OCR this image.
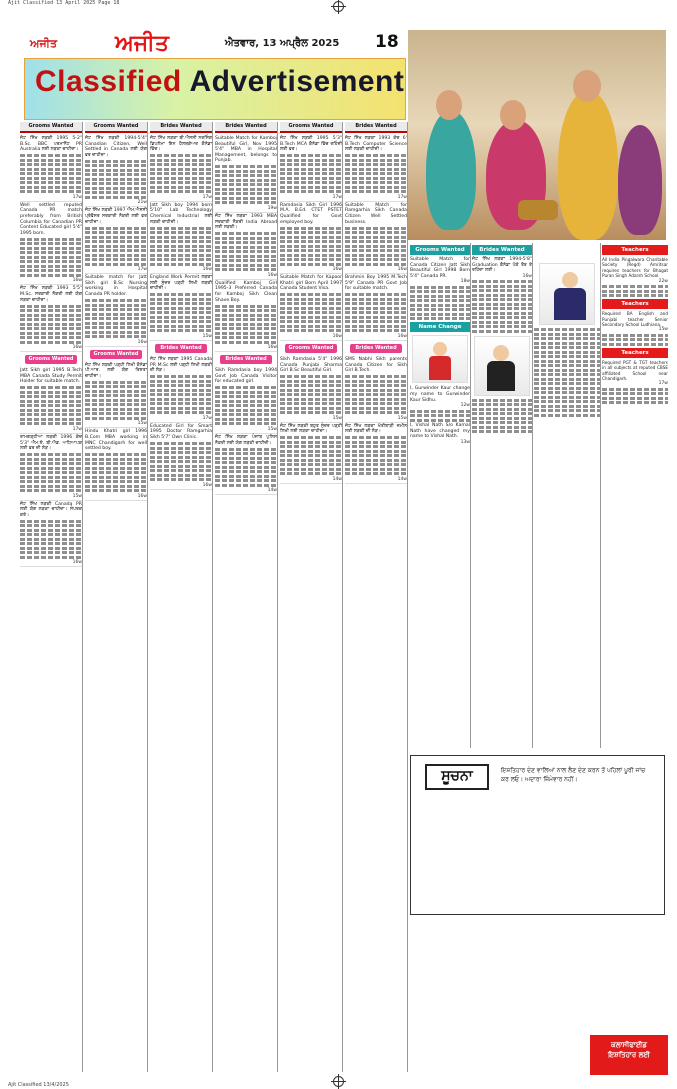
Ajit Classified 13 April 2025 Page 18
ਅਜੀਤ	ਅਜੀਤ	ਐਤਵਾਰ, 13 ਅਪ੍ਰੈਲ 2025 18
Classified Advertisement
Grooms Wanted
ਜੱਟ ਸਿੱਖ ਲੜਕੀ 1995 5-2" B.Sc. BBC ਪਰਮਾਨੈਂਟ PR Australia ਲਈ ਲੜਕਾ ਚਾਹੀਦਾ।
17w
Well settled reputed Canada PR match preferably from British Columbia for Canadian PR Content Educated girl 5'4" 1995 born.
16w
ਜੱਟ ਸਿੱਖ ਲੜਕੀ 1993 5'5" M.Sc. ਸਰਕਾਰੀ ਨੌਕਰੀ ਲਈ ਯੋਗ ਲੜਕਾ ਚਾਹੀਦਾ।
16w
Grooms Wanted
Jatt Sikh girl 1995 B.Tech MBA Canada Study Permit Holder for suitable match.
17w
ਰਾਮਗੜ੍ਹੀਆ ਲੜਕੀ 1996 ਕੱਦ 5'3" ਐਮ.ਏ. ਬੀ.ਐਡ. ਅਧਿਆਪਕ ਲਈ ਵਰ ਦੀ ਲੋੜ।
15w
ਜੱਟ ਸਿੱਖ ਲੜਕੀ Canada PR ਲਈ ਯੋਗ ਲੜਕਾ ਚਾਹੀਦਾ। ਸੰਪਰਕ ਕਰੋ।
16w
Grooms Wanted
ਜੱਟ ਸਿੱਖ ਲੜਕੀ 1994-5'4" Canadian Citizen, Well Settled in Canada ਲਈ ਯੋਗ ਵਰ ਚਾਹੀਦਾ।
21w
ਜੱਟ ਸਿੱਖ ਲੜਕੀ 1997 ਐਮ.ਐਸਸੀ ਪ੍ਰੋਫੈਸਰ ਸਰਕਾਰੀ ਨੌਕਰੀ ਲਈ ਵਰ ਚਾਹੀਦਾ।
17w
Suitable match for Jatt Sikh girl B.Sc Nursing working in Hospital Canada PR holder.
16w
Grooms Wanted
ਜੱਟ ਸਿੱਖ ਲੜਕੀ ਪੜ੍ਹੀ ਲਿਖੀ ਕੈਨੇਡਾ ਪੀ.ਆਰ. ਲਈ ਯੋਗ ਰਿਸ਼ਤਾ ਚਾਹੀਦਾ।
15w
Hindu Khatri girl 1996 B.Com MBA working in MNC Chandigarh for well settled boy.
16w
Brides Wanted
ਜੱਟ ਸਿੱਖ ਲੜਕਾ ਬੀ.ਐਸਸੀ ਨਰਸਿੰਗ ਡਿਪਲੋਮਾ ਇਨ ਹੈਲਥਕੇਅਰ ਕੈਨੇਡਾ ਵਿੱਚ।
17w
Jatt Sikh boy 1994 born 5'10" Lab Technology Chemical Industrial ਲਈ ਲੜਕੀ ਚਾਹੀਦੀ।
16w
England Work Permit ਲੜਕਾ ਲਈ ਸੁੰਦਰ ਪੜ੍ਹੀ ਲਿਖੀ ਲੜਕੀ ਚਾਹੀਦੀ।
15w
Brides Wanted
ਜੱਟ ਸਿੱਖ ਲੜਕਾ 1995 Canada PR M.Sc ਲਈ ਪੜ੍ਹੀ ਲਿਖੀ ਲੜਕੀ ਦੀ ਲੋੜ।
17w
Educated Girl for Smart 1995 Doctor Ramgarhia Sikh 5'7" Own Clinic.
16w
Brides Wanted
Suitable Match for Kamboj Beautiful Girl, Nov 1995 5'4" MBA in Hospital Management, belongs to Punjab.
19w
ਜੱਟ ਸਿੱਖ ਲੜਕਾ 1993 MBA ਸਰਕਾਰੀ ਨੌਕਰੀ India Abroad ਲਈ ਲੜਕੀ।
16w
Qualified Kamboj Girl 1995-3 Preferred Canada for Kamboj Sikh Clean Shave Boy.
16w
Brides Wanted
Sikh Ramdasia boy 1994 Govt Job Canada Visitor for educated girl.
15w
ਜੱਟ ਸਿੱਖ ਲੜਕਾ ਪੰਜਾਬ ਪੁਲਿਸ ਨੌਕਰੀ ਲਈ ਯੋਗ ਲੜਕੀ ਚਾਹੀਦੀ।
14w
Grooms Wanted
ਜੱਟ ਸਿੱਖ ਲੜਕੀ 1995 5'3" B.Tech MCA ਕੈਨੇਡਾ ਵਿੱਚ ਰਹਿੰਦੀ ਲਈ ਵਰ।
17w
Ramdasia Sikh Girl 1996 M.A. B.Ed. CTET PSTET Qualified for Govt employed boy.
16w
Suitable Match for Kapoor Khatri girl Born April 1997 Canada Student Visa.
16w
Grooms Wanted
Sikh Ramdasia 5'4" 1996 Canada Punjabi Sharma Girl B.Sc Beautiful Girl.
15w
ਜੱਟ ਸਿੱਖ ਲੜਕੀ ਬਹੁਤ ਸੁੰਦਰ ਪੜ੍ਹੀ ਲਿਖੀ ਲਈ ਲੜਕਾ ਚਾਹੀਦਾ।
14w
Brides Wanted
ਜੱਟ ਸਿੱਖ ਲੜਕਾ 1993 ਕੱਦ 6' B.Tech Computer Science ਲਈ ਲੜਕੀ ਚਾਹੀਦੀ।
17w
Suitable Match for Ramgarhia Sikh Canada Citizen Well Settled business.
16w
Brahmin Boy 1995 M.Tech 5'9" Canada PR Govt Job for suitable match.
16w
Brides Wanted
SMS Nabhi Sikh parents Canada Citizen for Sikh Girl B.Tech.
15w
ਜੱਟ ਸਿੱਖ ਲੜਕਾ ਖੇਤੀਬਾੜੀ ਜ਼ਮੀਨ ਲਈ ਲੜਕੀ ਦੀ ਲੋੜ।
14w
Grooms Wanted
Suitable Match for Canada Citizen Jatt Sikh Beautiful Girl 1998 Born 5'4" Canada PR.
18w
Name Change
I, Gurwinder Kaur change my name to Gurwinder Kaur Sidhu.
12w
I, Vishal Nath S/o Kamal Nath have changed my name to Vishal Nath.
13w
Brides Wanted
ਜੱਟ ਸਿੱਖ ਲੜਕਾ 1994-5'8" Graduation ਕੈਨੇਡਾ ਪੱਕੇ ਤੌਰ ਤੇ ਰਹਿੰਦਾ ਲਈ।
16w
Teachers
All India Pingalwara Charitable Society (Regd) Amritsar requires teachers for Bhagat Puran Singh Adarsh School.
22w
Teachers
Required BA English and Punjabi teacher Senior Secondary School Ludhiana.
15w
Teachers
Required PGT & TGT teachers in all subjects at reputed CBSE affiliated School near Chandigarh.
17w
ਸੂਚਨਾ	ਇਸ਼ਤਿਹਾਰ ਦੇਣ ਵਾਲਿਆਂ ਨਾਲ ਲੈਣ ਦੇਣ ਕਰਨ ਤੋਂ ਪਹਿਲਾਂ ਪੂਰੀ ਜਾਂਚ ਕਰ ਲਓ। ਅਦਾਰਾ ਜ਼ਿੰਮੇਵਾਰ ਨਹੀਂ।
ਕਲਾਸੀਫਾਈਡ
ਇਸ਼ਤਿਹਾਰ ਲਈ
Ajit Classified 13/4/2025
